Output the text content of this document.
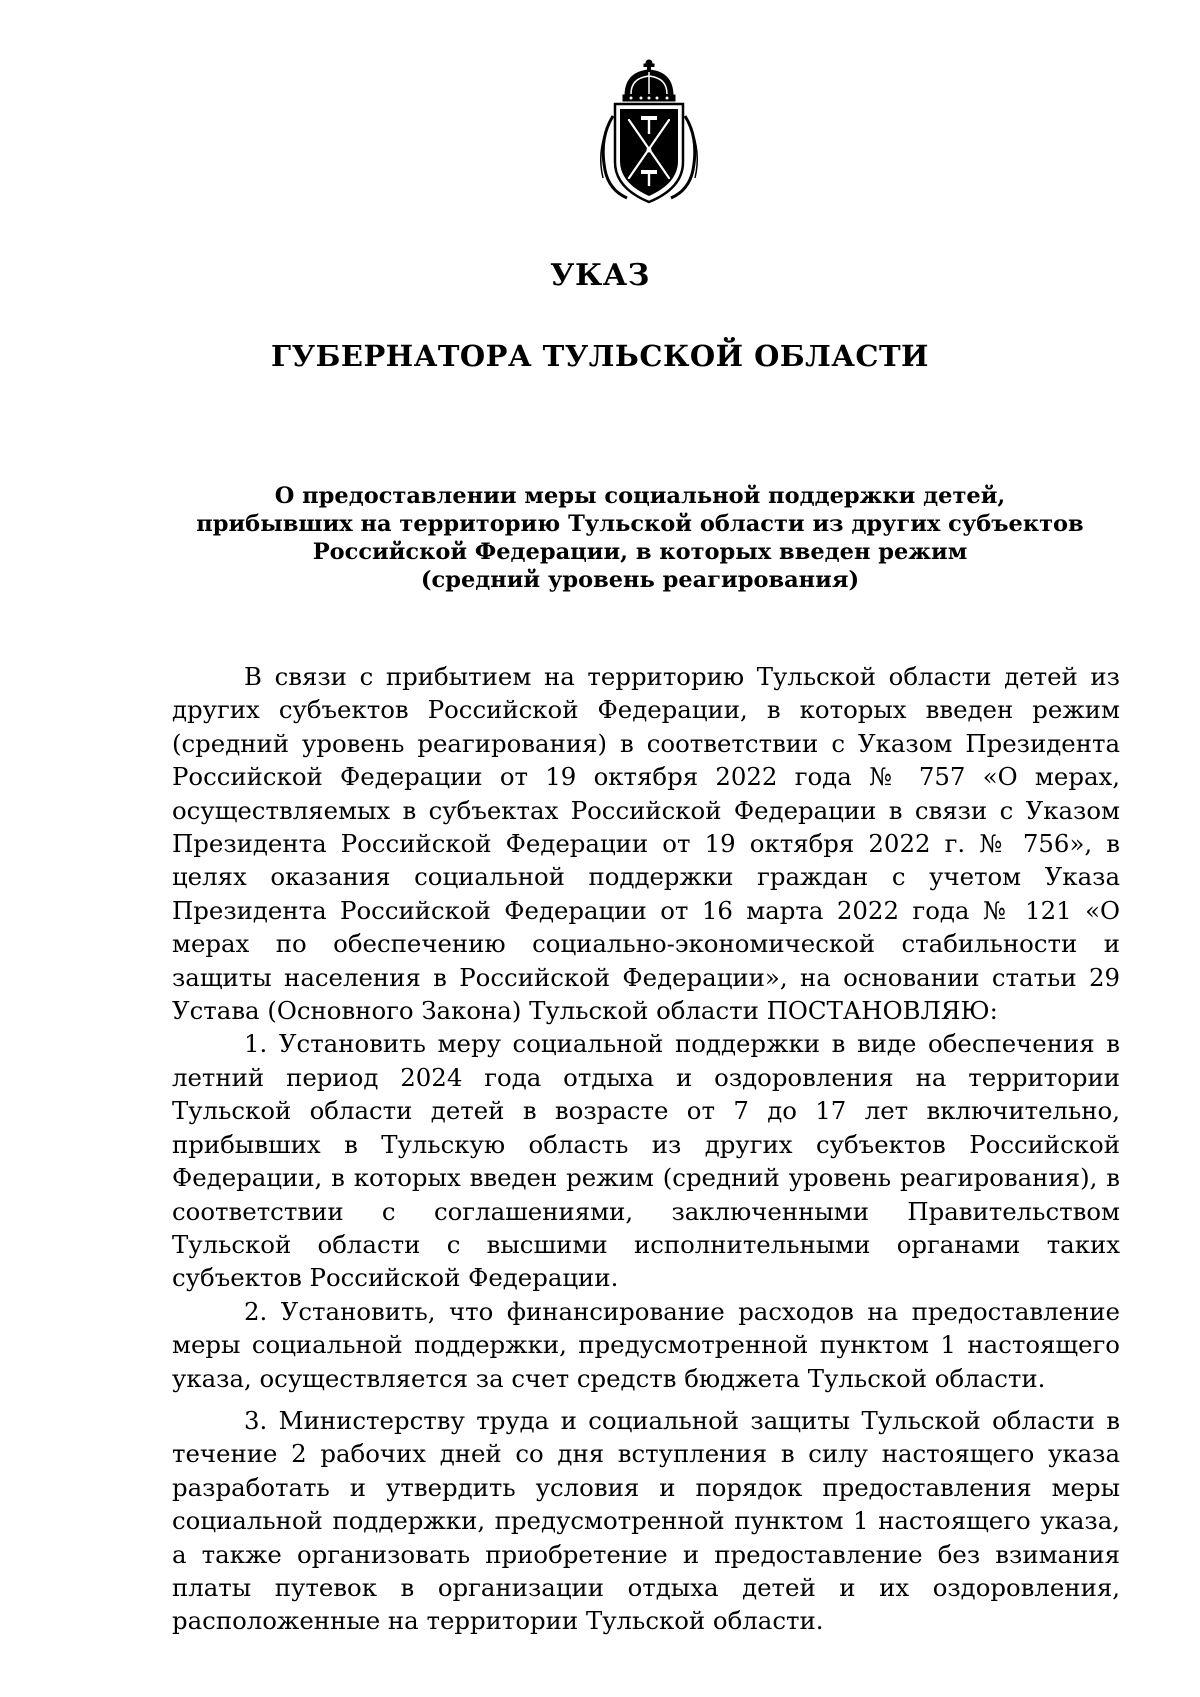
УКАЗ
ГУБЕРНАТОРА ТУЛЬСКОЙ ОБЛАСТИ
О предоставлении меры социальной поддержки детей,
прибывших на территорию Тульской области из других субъектов
Российской Федерации, в которых введен режим
(средний уровень реагирования)

В связи с прибытием на территорию Тульской области детей из других субъектов Российской Федерации, в которых введен режим (средний уровень реагирования) в соответствии с Указом Президента Российской Федерации от 19 октября 2022 года № 757 «О мерах, осуществляемых в субъектах Российской Федерации в связи с Указом Президента Российской Федерации от 19 октября 2022 г. № 756», в целях оказания социальной поддержки граждан с учетом Указа Президента Российской Федерации от 16 марта 2022 года № 121 «О мерах по обеспечению социально-экономической стабильности и защиты населения в Российской Федерации», на основании статьи 29 Устава (Основного Закона) Тульской области ПОСТАНОВЛЯЮ:

1. Установить меру социальной поддержки в виде обеспечения в летний период 2024 года отдыха и оздоровления на территории Тульской области детей в возрасте от 7 до 17 лет включительно, прибывших в Тульскую область из других субъектов Российской Федерации, в которых введен режим (средний уровень реагирования), в соответствии с соглашениями, заключенными Правительством Тульской области с высшими исполнительными органами таких субъектов Российской Федерации.

2. Установить, что финансирование расходов на предоставление меры социальной поддержки, предусмотренной пунктом 1 настоящего указа, осуществляется за счет средств бюджета Тульской области.

3. Министерству труда и социальной защиты Тульской области в течение 2 рабочих дней со дня вступления в силу настоящего указа разработать и утвердить условия и порядок предоставления меры социальной поддержки, предусмотренной пунктом 1 настоящего указа, а также организовать приобретение и предоставление без взимания платы путевок в организации отдыха детей и их оздоровления, расположенные на территории Тульской области.
